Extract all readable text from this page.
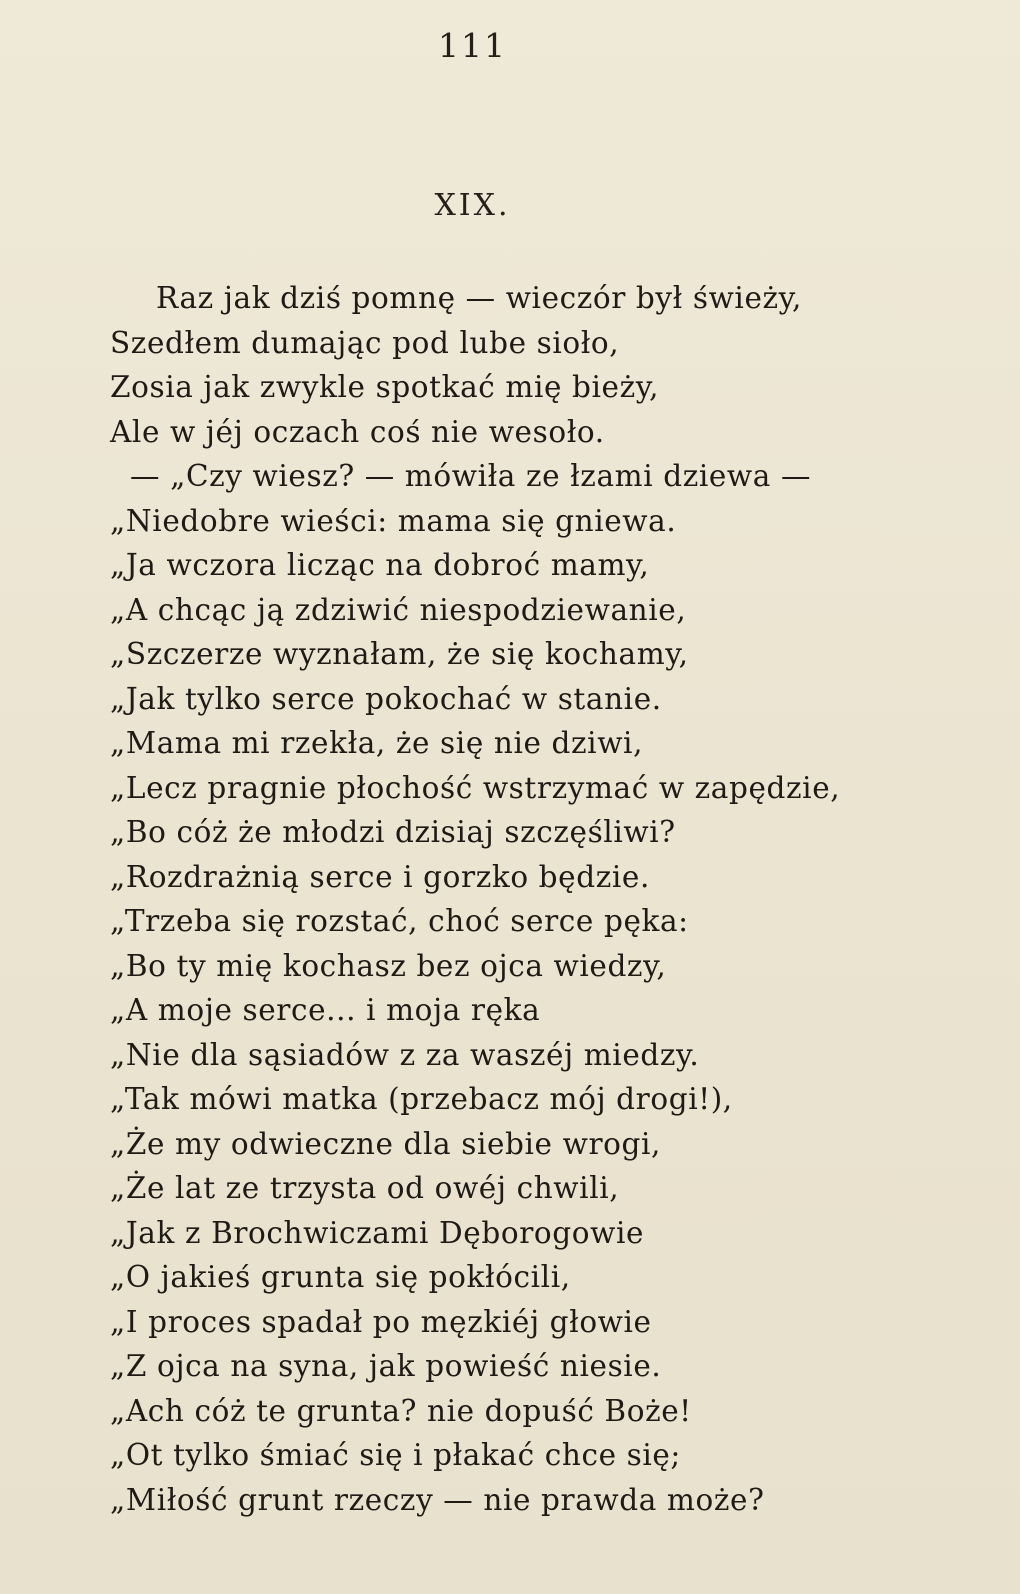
111
XIX.
Raz jak dziś pomnę — wieczór był świeży,
Szedłem dumając pod lube sioło,
Zosia jak zwykle spotkać mię bieży,
Ale w jéj oczach coś nie wesoło.
— „Czy wiesz? — mówiła ze łzami dziewa —
„Niedobre wieści: mama się gniewa.
„Ja wczora licząc na dobroć mamy,
„A chcąc ją zdziwić niespodziewanie,
„Szczerze wyznałam, że się kochamy,
„Jak tylko serce pokochać w stanie.
„Mama mi rzekła, że się nie dziwi,
„Lecz pragnie płochość wstrzymać w zapędzie,
„Bo cóż że młodzi dzisiaj szczęśliwi?
„Rozdrażnią serce i gorzko będzie.
„Trzeba się rozstać, choć serce pęka:
„Bo ty mię kochasz bez ojca wiedzy,
„A moje serce... i moja ręka
„Nie dla sąsiadów z za waszéj miedzy.
„Tak mówi matka (przebacz mój drogi!),
„Że my odwieczne dla siebie wrogi,
„Że lat ze trzysta od owéj chwili,
„Jak z Brochwiczami Dęborogowie
„O jakieś grunta się pokłócili,
„I proces spadał po męzkiéj głowie
„Z ojca na syna, jak powieść niesie.
„Ach cóż te grunta? nie dopuść Boże!
„Ot tylko śmiać się i płakać chce się;
„Miłość grunt rzeczy — nie prawda może?
